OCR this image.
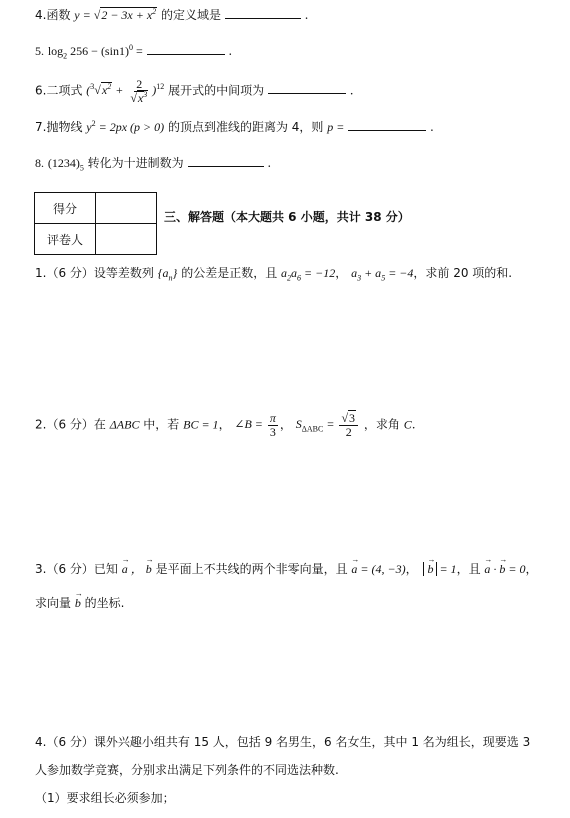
4.函数 $y = √2 - 3x + x^2$ 的定义域是	.
5. $\log_2 256 - (\sin 1)^0$ =	.
6.二项式 $(^3√x^2 + \frac{2}{√x^3} )^{12}$ 展开式的中间项为	.
7.抛物线 $y^2 = 2px$ (p > 0) 的顶点到准线的距离为 4，则 p =	.
8. $(1234)_5$ 转化为十进制数为	.
得分	
评卷人	
三、解答题（本大题共 6 小题，共计 38 分）
1.（6 分）设等差数列 $\{a_n\}$ 的公差是正数，且 $a_2a_6 = -12$， $a_3 + a_5 = -4$，求前 20 项的和.
2.（6 分）在 ΔABC 中，若 BC = 1， ∠B = $\frac{\pi}{3}$ ， $S_{\Delta ABC} = \frac{√3}{2}$ ，求角 C.
3.（6 分）已知 → a ， → b 是平面上不共线的两个非零向量，且 → a = (4, −3)， → b = 1，且 → a · → b = 0，
求向量 → b 的坐标.
4.（6 分）课外兴趣小组共有 15 人，包括 9 名男生，6 名女生，其中 1 名为组长，现要选 3
人参加数学竞赛，分别求出满足下列条件的不同选法种数.
（1）要求组长必须参加；
